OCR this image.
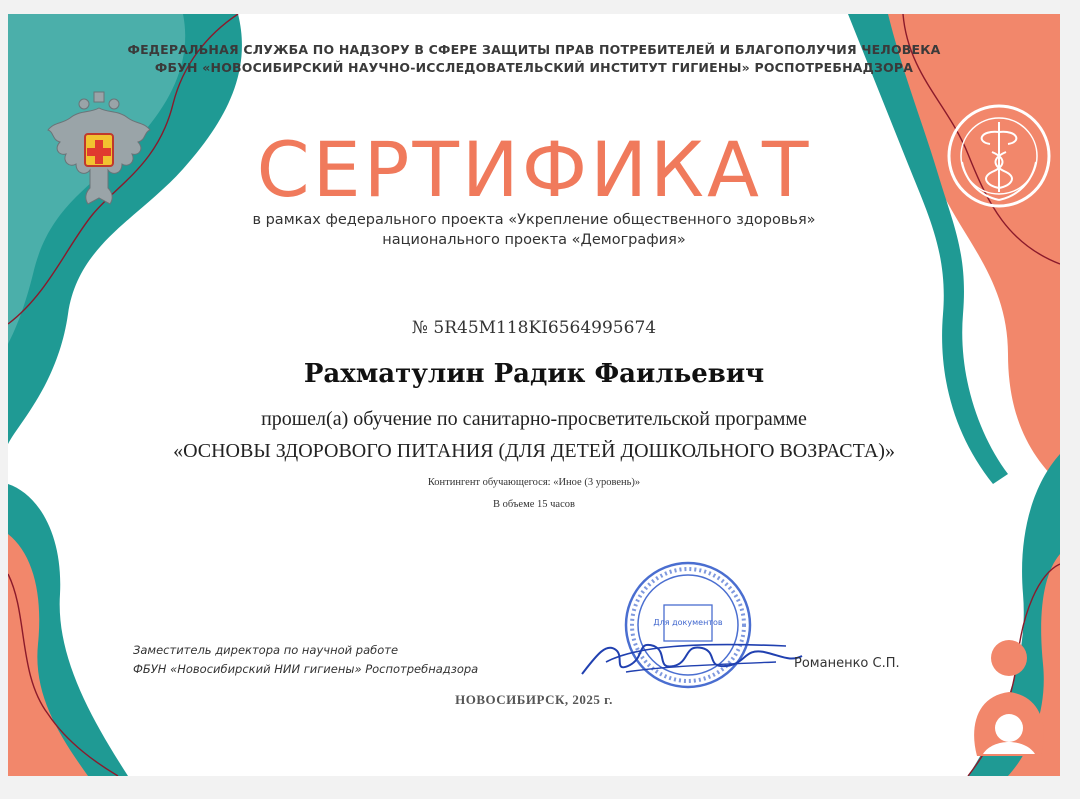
ФЕДЕРАЛЬНАЯ СЛУЖБА ПО НАДЗОРУ В СФЕРЕ ЗАЩИТЫ ПРАВ ПОТРЕБИТЕЛЕЙ И БЛАГОПОЛУЧИЯ ЧЕЛОВЕКА

ФБУН «НОВОСИБИРСКИЙ НАУЧНО-ИССЛЕДОВАТЕЛЬСКИЙ ИНСТИТУТ ГИГИЕНЫ» РОСПОТРЕБНАДЗОРА

СЕРТИФИКАТ

в рамках федерального проекта «Укрепление общественного здоровья»

национального проекта «Демография»

№ 5R45M118KI6564995674

Рахматулин Радик Фаильевич

прошел(а) обучение по санитарно-просветительской программе

«ОСНОВЫ ЗДОРОВОГО ПИТАНИЯ (ДЛЯ ДЕТЕЙ ДОШКОЛЬНОГО ВОЗРАСТА)»

Контингент обучающегося: «Иное (3 уровень)»

В объеме 15 часов

Для документов
Заместитель директора по научной работе
ФБУН «Новосибирский НИИ гигиены» Роспотребнадзора	Романенко С.П.

НОВОСИБИРСК, 2025 г.
